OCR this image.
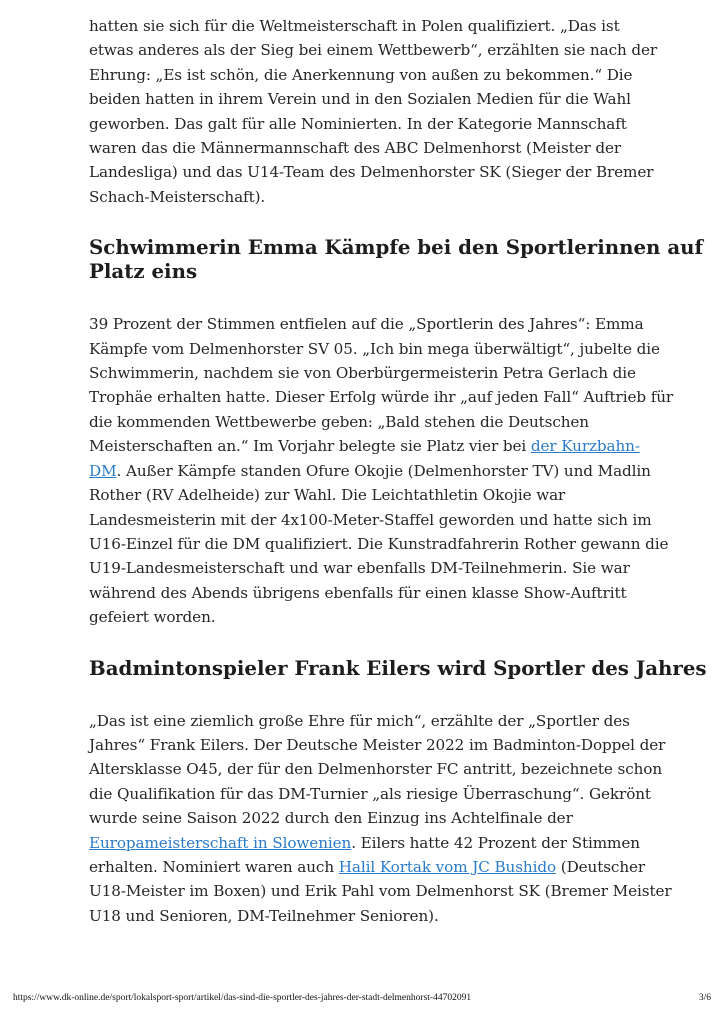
hatten sie sich für die Weltmeisterschaft in Polen qualifiziert. „Das ist
etwas anderes als der Sieg bei einem Wettbewerb“, erzählten sie nach der
Ehrung: „Es ist schön, die Anerkennung von außen zu bekommen.“ Die
beiden hatten in ihrem Verein und in den Sozialen Medien für die Wahl
geworben. Das galt für alle Nominierten. In der Kategorie Mannschaft
waren das die Männermannschaft des ABC Delmenhorst (Meister der
Landesliga) und das U14-Team des Delmenhorster SK (Sieger der Bremer
Schach-Meisterschaft).
Schwimmerin Emma Kämpfe bei den Sportlerinnen auf
Platz eins
39 Prozent der Stimmen entfielen auf die „Sportlerin des Jahres“: Emma
Kämpfe vom Delmenhorster SV 05. „Ich bin mega überwältigt“, jubelte die
Schwimmerin, nachdem sie von Oberbürgermeisterin Petra Gerlach die
Trophäe erhalten hatte. Dieser Erfolg würde ihr „auf jeden Fall“ Auftrieb für
die kommenden Wettbewerbe geben: „Bald stehen die Deutschen
Meisterschaften an.“ Im Vorjahr belegte sie Platz vier bei der Kurzbahn-
DM. Außer Kämpfe standen Ofure Okojie (Delmenhorster TV) und Madlin
Rother (RV Adelheide) zur Wahl. Die Leichtathletin Okojie war
Landesmeisterin mit der 4x100-Meter-Staffel geworden und hatte sich im
U16-Einzel für die DM qualifiziert. Die Kunstradfahrerin Rother gewann die
U19-Landesmeisterschaft und war ebenfalls DM-Teilnehmerin. Sie war
während des Abends übrigens ebenfalls für einen klasse Show-Auftritt
gefeiert worden.
Badmintonspieler Frank Eilers wird Sportler des Jahres
„Das ist eine ziemlich große Ehre für mich“, erzählte der „Sportler des
Jahres“ Frank Eilers. Der Deutsche Meister 2022 im Badminton-Doppel der
Altersklasse O45, der für den Delmenhorster FC antritt, bezeichnete schon
die Qualifikation für das DM-Turnier „als riesige Überraschung“. Gekrönt
wurde seine Saison 2022 durch den Einzug ins Achtelfinale der
Europameisterschaft in Slowenien. Eilers hatte 42 Prozent der Stimmen
erhalten. Nominiert waren auch Halil Kortak vom JC Bushido (Deutscher
U18-Meister im Boxen) und Erik Pahl vom Delmenhorst SK (Bremer Meister
U18 und Senioren, DM-Teilnehmer Senioren).
https://www.dk-online.de/sport/lokalsport-sport/artikel/das-sind-die-sportler-des-jahres-der-stadt-delmenhorst-44702091	3/6
